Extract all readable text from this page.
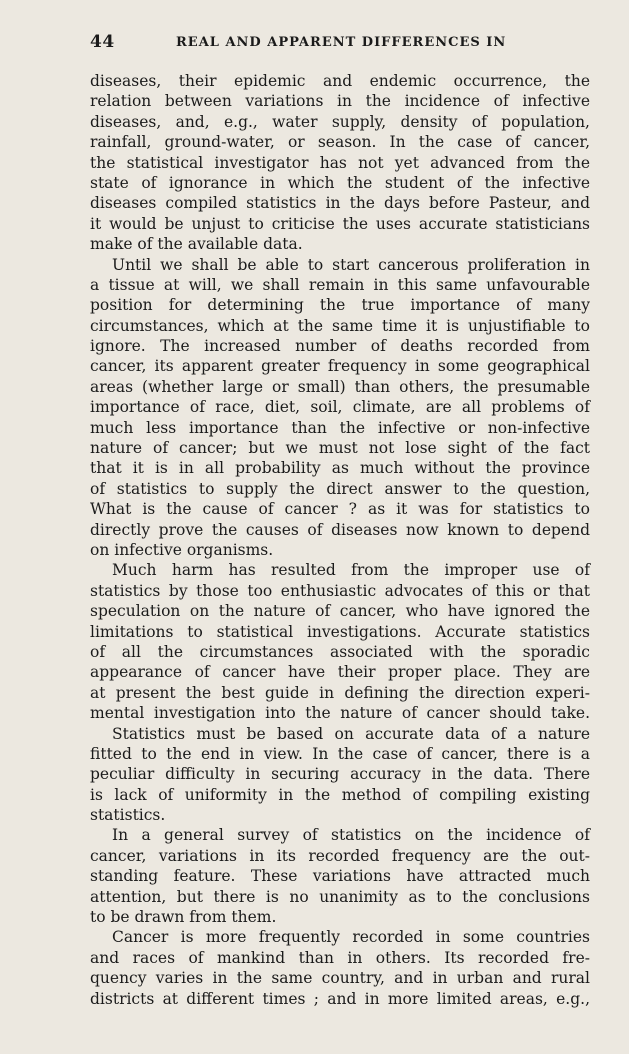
44	REAL AND APPARENT DIFFERENCES IN
diseases, their epidemic and endemic occurrence, the
relation between variations in the incidence of infective
diseases, and, e.g., water supply, density of population,
rainfall, ground-water, or season. In the case of cancer,
the statistical investigator has not yet advanced from the
state of ignorance in which the student of the infective
diseases compiled statistics in the days before Pasteur, and
it would be unjust to criticise the uses accurate statisticians
make of the available data.
Until we shall be able to start cancerous proliferation in
a tissue at will, we shall remain in this same unfavourable
position for determining the true importance of many
circumstances, which at the same time it is unjustifiable to
ignore. The increased number of deaths recorded from
cancer, its apparent greater frequency in some geographical
areas (whether large or small) than others, the presumable
importance of race, diet, soil, climate, are all problems of
much less importance than the infective or non-infective
nature of cancer; but we must not lose sight of the fact
that it is in all probability as much without the province
of statistics to supply the direct answer to the question,
What is the cause of cancer ? as it was for statistics to
directly prove the causes of diseases now known to depend
on infective organisms.
Much harm has resulted from the improper use of
statistics by those too enthusiastic advocates of this or that
speculation on the nature of cancer, who have ignored the
limitations to statistical investigations. Accurate statistics
of all the circumstances associated with the sporadic
appearance of cancer have their proper place. They are
at present the best guide in defining the direction experi-
mental investigation into the nature of cancer should take.
Statistics must be based on accurate data of a nature
fitted to the end in view. In the case of cancer, there is a
peculiar difficulty in securing accuracy in the data. There
is lack of uniformity in the method of compiling existing
statistics.
In a general survey of statistics on the incidence of
cancer, variations in its recorded frequency are the out-
standing feature. These variations have attracted much
attention, but there is no unanimity as to the conclusions
to be drawn from them.
Cancer is more frequently recorded in some countries
and races of mankind than in others. Its recorded fre-
quency varies in the same country, and in urban and rural
districts at different times ; and in more limited areas, e.g.,
